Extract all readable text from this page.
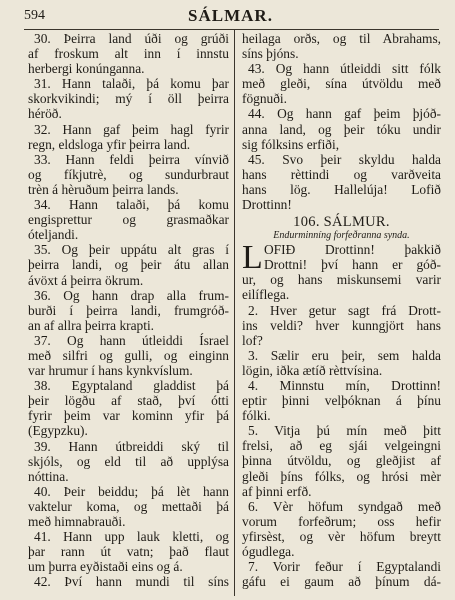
594	SÁLMAR.
30. Þeirra land úði og grúði
af froskum alt inn í innstu
herbergi konúnganna.
31. Hann talaði, þá komu þar
skorkvikindi; mý í öll þeirra
héröð.
32. Hann gaf þeim hagl fyrir
regn, eldsloga yfir þeirra land.
33. Hann feldi þeirra vínvið
og fíkjutrè, og sundurbraut
trèn á hèruðum þeirra lands.
34. Hann talaði, þá komu
engisprettur og grasmaðkar
óteljandi.
35. Og þeir uppátu alt gras í
þeirra landi, og þeir átu allan
ávöxt á þeirra ökrum.
36. Og hann drap alla frum-
burði í þeirra landi, frumgróð-
an af allra þeirra krapti.
37. Og hann útleiddi Ísrael
með silfri og gulli, og einginn
var hrumur í hans kynkvíslum.
38. Egyptaland gladdist þá
þeir lögðu af stað, því ótti
fyrir þeim var kominn yfir þá
(Egypzku).
39. Hann útbreiddi ský til
skjóls, og eld til að upplýsa
nóttina.
40. Þeir beiddu; þá lèt hann
vaktelur koma, og mettaði þá
með himnabrauði.
41. Hann upp lauk kletti, og
þar rann út vatn; það flaut
um þurra eyðistaði eins og á.
42. Því hann mundi til síns
heilaga orðs, og til Abrahams,
síns þjóns.
43. Og hann útleiddi sitt fólk
með gleði, sína útvöldu með
fögnuði.
44. Og hann gaf þeim þjóð-
anna land, og þeir tóku undir
sig fólksins erfiði,
45. Svo þeir skyldu halda
hans rèttindi og varðveita
hans lög. Hallelúja! Lofið
Drottinn!
106. SÁLMUR.
Endurminníng forfeðranna synda.
L OFIÐ Drottinn! þakkið
Drottni! því hann er góð-
ur, og hans miskunsemi varir
eilíflega.
2. Hver getur sagt frá Drott-
ins veldi? hver kunngjört hans
lof?
3. Sælir eru þeir, sem halda
lögin, iðka ætíð rèttvísina.
4. Minnstu mín, Drottinn!
eptir þinni velþóknan á þínu
fólki.
5. Vitja þú mín með þitt
frelsi, að eg sjái velgeingni
þinna útvöldu, og gleðjist af
gleði þíns fólks, og hrósi mèr
af þinni erfð.
6. Vèr höfum syndgað með
vorum forfeðrum; oss hefir
yfirsèst, og vèr höfum breytt
ógudlega.
7. Vorir feður í Egyptalandi
gáfu ei gaum að þínum dá-
